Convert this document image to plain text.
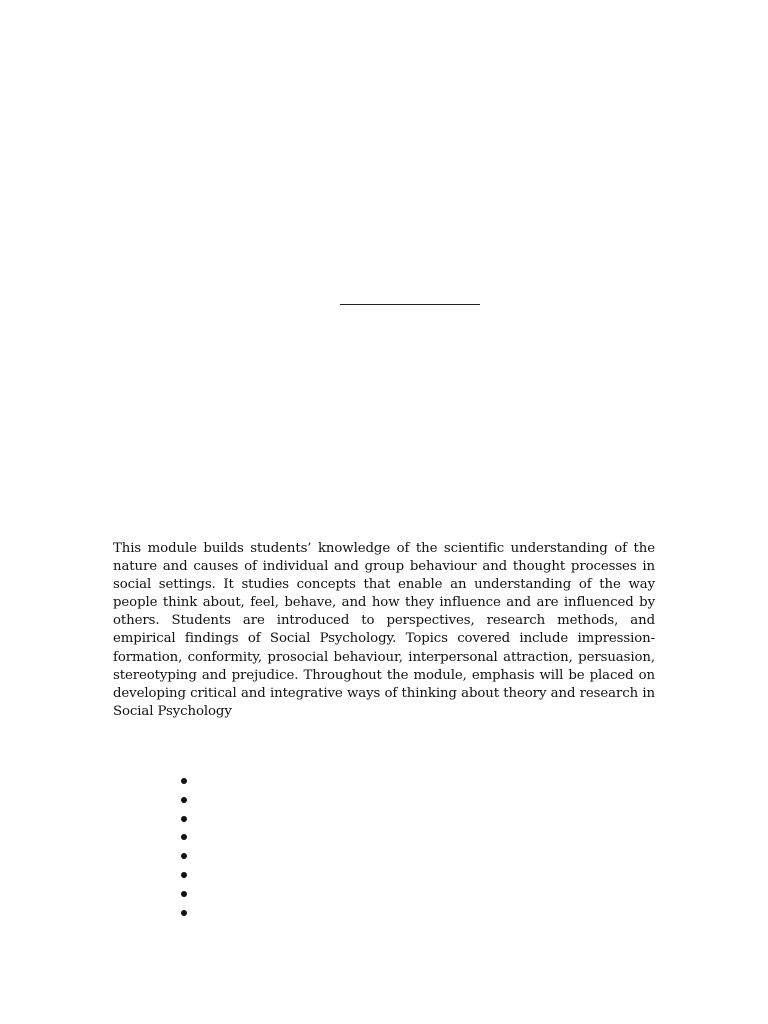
This module builds students’ knowledge of the scientific understanding of the nature and causes of individual and group behaviour and thought processes in social settings. It studies concepts that enable an understanding of the way people think about, feel, behave, and how they influence and are influenced by others. Students are introduced to perspectives, research methods, and empirical findings of Social Psychology. Topics covered include impression-formation, conformity, prosocial behaviour, interpersonal attraction, persuasion, stereotyping and prejudice. Throughout the module, emphasis will be placed on developing critical and integrative ways of thinking about theory and research in Social Psychology
